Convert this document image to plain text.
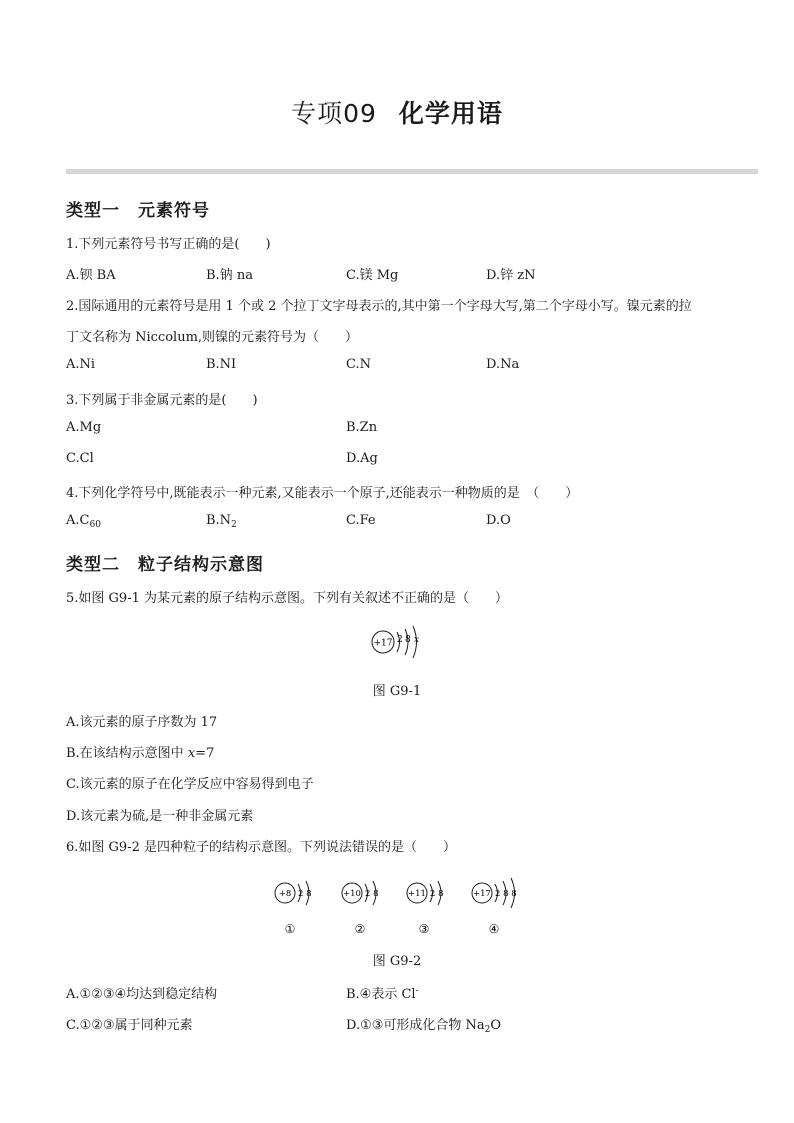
专项09 化学用语
类型一 元素符号
1.下列元素符号书写正确的是(　　)
A.钡 BA	B.钠 na	C.镁 Mg	D.锌 zN
2.国际通用的元素符号是用 1 个或 2 个拉丁文字母表示的,其中第一个字母大写,第二个字母小写。镍元素的拉
丁文名称为 Niccolum,则镍的元素符号为（　　）
A.Ni	B.NI	C.N	D.Na
3.下列属于非金属元素的是(　　)
A.Mg	B.Zn
C.Cl	D.Ag
4.下列化学符号中,既能表示一种元素,又能表示一个原子,还能表示一种物质的是　（　　）
$A.C_{60}$	$B.N_2$	C.Fe	D.O
类型二 粒子结构示意图
5.如图 G9-1 为某元素的原子结构示意图。下列有关叙述不正确的是（　　）
+17 2 8 x
图 G9-1
A.该元素的原子序数为 17
B.在该结构示意图中 x=7
C.该元素的原子在化学反应中容易得到电子
D.该元素为硫,是一种非金属元素
6.如图 G9-2 是四种粒子的结构示意图。下列说法错误的是（　　）
+8 2 8
①
+10 2 8
②
+11 2 8
③
+17 2 8 8
④
图 G9-2
A.①②③④均达到稳定结构	B.④表示 Cl-
C.①②③属于同种元素	D.①③可形成化合物 $Na_2O$
